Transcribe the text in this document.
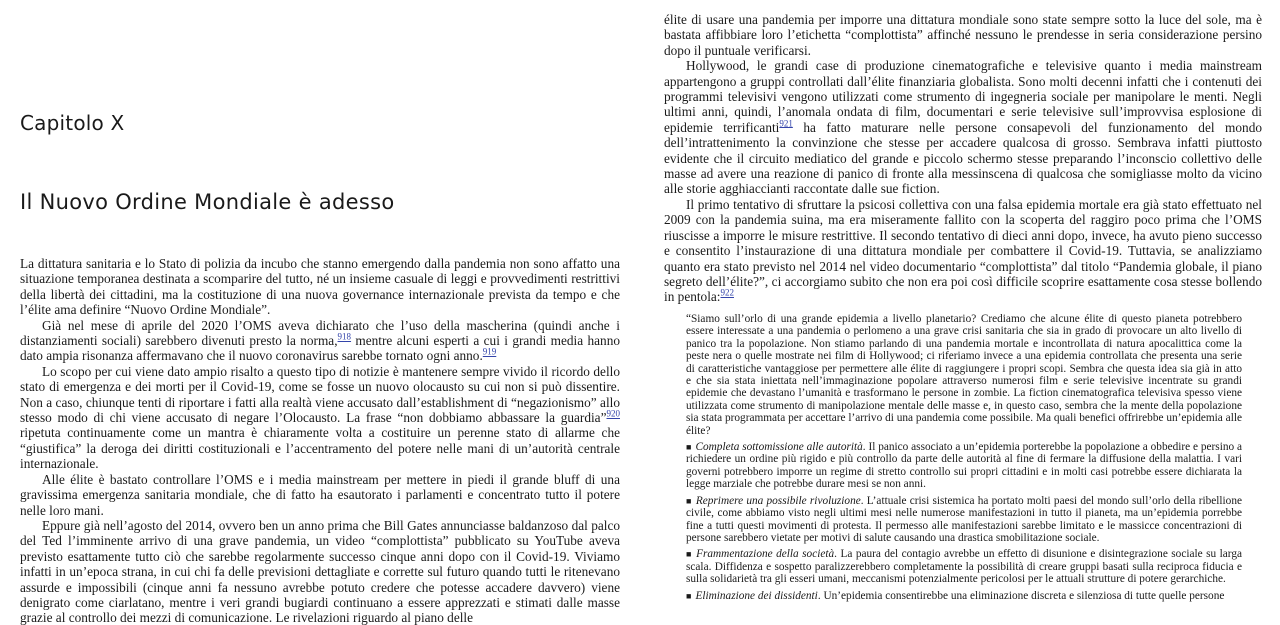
Capitolo X
Il Nuovo Ordine Mondiale è adesso

La dittatura sanitaria e lo Stato di polizia da incubo che stanno emergendo dalla pandemia non sono affatto una situazione temporanea destinata a scomparire del tutto, né un insieme casuale di leggi e provvedimenti restrittivi della libertà dei cittadini, ma la costituzione di una nuova governance internazionale prevista da tempo e che l’élite ama definire “Nuovo Ordine Mondiale”.

Già nel mese di aprile del 2020 l’OMS aveva dichiarato che l’uso della mascherina (quindi anche i distanziamenti sociali) sarebbero divenuti presto la norma,$^{918}$ mentre alcuni esperti a cui i grandi media hanno dato ampia risonanza affermavano che il nuovo coronavirus sarebbe tornato ogni anno.$^{919}$

Lo scopo per cui viene dato ampio risalto a questo tipo di notizie è mantenere sempre vivido il ricordo dello stato di emergenza e dei morti per il Covid-19, come se fosse un nuovo olocausto su cui non si può dissentire. Non a caso, chiunque tenti di riportare i fatti alla realtà viene accusato dall’establishment di “negazionismo” allo stesso modo di chi viene accusato di negare l’Olocausto. La frase “non dobbiamo abbassare la guardia”$^{920}$ ripetuta continuamente come un mantra è chiaramente volta a costituire un perenne stato di allarme che “giustifica” la deroga dei diritti costituzionali e l’accentramento del potere nelle mani di un’autorità centrale internazionale.

Alle élite è bastato controllare l’OMS e i media mainstream per mettere in piedi il grande bluff di una gravissima emergenza sanitaria mondiale, che di fatto ha esautorato i parlamenti e concentrato tutto il potere nelle loro mani.

Eppure già nell’agosto del 2014, ovvero ben un anno prima che Bill Gates annunciasse baldanzoso dal palco del Ted l’imminente arrivo di una grave pandemia, un video “complottista” pubblicato su YouTube aveva previsto esattamente tutto ciò che sarebbe regolarmente successo cinque anni dopo con il Covid-19. Viviamo infatti in un’epoca strana, in cui chi fa delle previsioni dettagliate e corrette sul futuro quando tutti le ritenevano assurde e impossibili (cinque anni fa nessuno avrebbe potuto credere che potesse accadere davvero) viene denigrato come ciarlatano, mentre i veri grandi bugiardi continuano a essere apprezzati e stimati dalle masse grazie al controllo dei mezzi di comunicazione. Le rivelazioni riguardo al piano delle

élite di usare una pandemia per imporre una dittatura mondiale sono state sempre sotto la luce del sole, ma è bastata affibbiare loro l’etichetta “complottista” affinché nessuno le prendesse in seria considerazione persino dopo il puntuale verificarsi.

Hollywood, le grandi case di produzione cinematografiche e televisive quanto i media mainstream appartengono a gruppi controllati dall’élite finanziaria globalista. Sono molti decenni infatti che i contenuti dei programmi televisivi vengono utilizzati come strumento di ingegneria sociale per manipolare le menti. Negli ultimi anni, quindi, l’anomala ondata di film, documentari e serie televisive sull’improvvisa esplosione di epidemie terrificanti$^{921}$ ha fatto maturare nelle persone consapevoli del funzionamento del mondo dell’intrattenimento la convinzione che stesse per accadere qualcosa di grosso. Sembrava infatti piuttosto evidente che il circuito mediatico del grande e piccolo schermo stesse preparando l’inconscio collettivo delle masse ad avere una reazione di panico di fronte alla messinscena di qualcosa che somigliasse molto da vicino alle storie agghiaccianti raccontate dalle sue fiction.

Il primo tentativo di sfruttare la psicosi collettiva con una falsa epidemia mortale era già stato effettuato nel 2009 con la pandemia suina, ma era miseramente fallito con la scoperta del raggiro poco prima che l’OMS riuscisse a imporre le misure restrittive. Il secondo tentativo di dieci anni dopo, invece, ha avuto pieno successo e consentito l’instaurazione di una dittatura mondiale per combattere il Covid-19. Tuttavia, se analizziamo quanto era stato previsto nel 2014 nel video documentario “complottista” dal titolo “Pandemia globale, il piano segreto dell’élite?”, ci accorgiamo subito che non era poi così difficile scoprire esattamente cosa stesse bollendo in pentola:$^{922}$

“Siamo sull’orlo di una grande epidemia a livello planetario? Crediamo che alcune élite di questo pianeta potrebbero essere interessate a una pandemia o perlomeno a una grave crisi sanitaria che sia in grado di provocare un alto livello di panico tra la popolazione. Non stiamo parlando di una pandemia mortale e incontrollata di natura apocalittica come la peste nera o quelle mostrate nei film di Hollywood; ci riferiamo invece a una epidemia controllata che presenta una serie di caratteristiche vantaggiose per permettere alle élite di raggiungere i propri scopi. Sembra che questa idea sia già in atto e che sia stata iniettata nell’immaginazione popolare attraverso numerosi film e serie televisive incentrate su grandi epidemie che devastano l’umanità e trasformano le persone in zombie. La fiction cinematografica televisiva spesso viene utilizzata come strumento di manipolazione mentale delle masse e, in questo caso, sembra che la mente della popolazione sia stata programmata per accettare l’arrivo di una pandemia come possibile. Ma quali benefici offrirebbe un’epidemia alle élite?

■ Completa sottomissione alle autorità. Il panico associato a un’epidemia porterebbe la popolazione a obbedire e persino a richiedere un ordine più rigido e più controllo da parte delle autorità al fine di fermare la diffusione della malattia. I vari governi potrebbero imporre un regime di stretto controllo sui propri cittadini e in molti casi potrebbe essere dichiarata la legge marziale che potrebbe durare mesi se non anni.

■ Reprimere una possibile rivoluzione. L’attuale crisi sistemica ha portato molti paesi del mondo sull’orlo della ribellione civile, come abbiamo visto negli ultimi mesi nelle numerose manifestazioni in tutto il pianeta, ma un’epidemia porrebbe fine a tutti questi movimenti di protesta. Il permesso alle manifestazioni sarebbe limitato e le massicce concentrazioni di persone sarebbero vietate per motivi di salute causando una drastica smobilitazione sociale.

■ Frammentazione della società. La paura del contagio avrebbe un effetto di disunione e disintegrazione sociale su larga scala. Diffidenza e sospetto paralizzerebbero completamente la possibilità di creare gruppi basati sulla reciproca fiducia e sulla solidarietà tra gli esseri umani, meccanismi potenzialmente pericolosi per le attuali strutture di potere gerarchiche.

■ Eliminazione dei dissidenti. Un’epidemia consentirebbe una eliminazione discreta e silenziosa di tutte quelle persone
